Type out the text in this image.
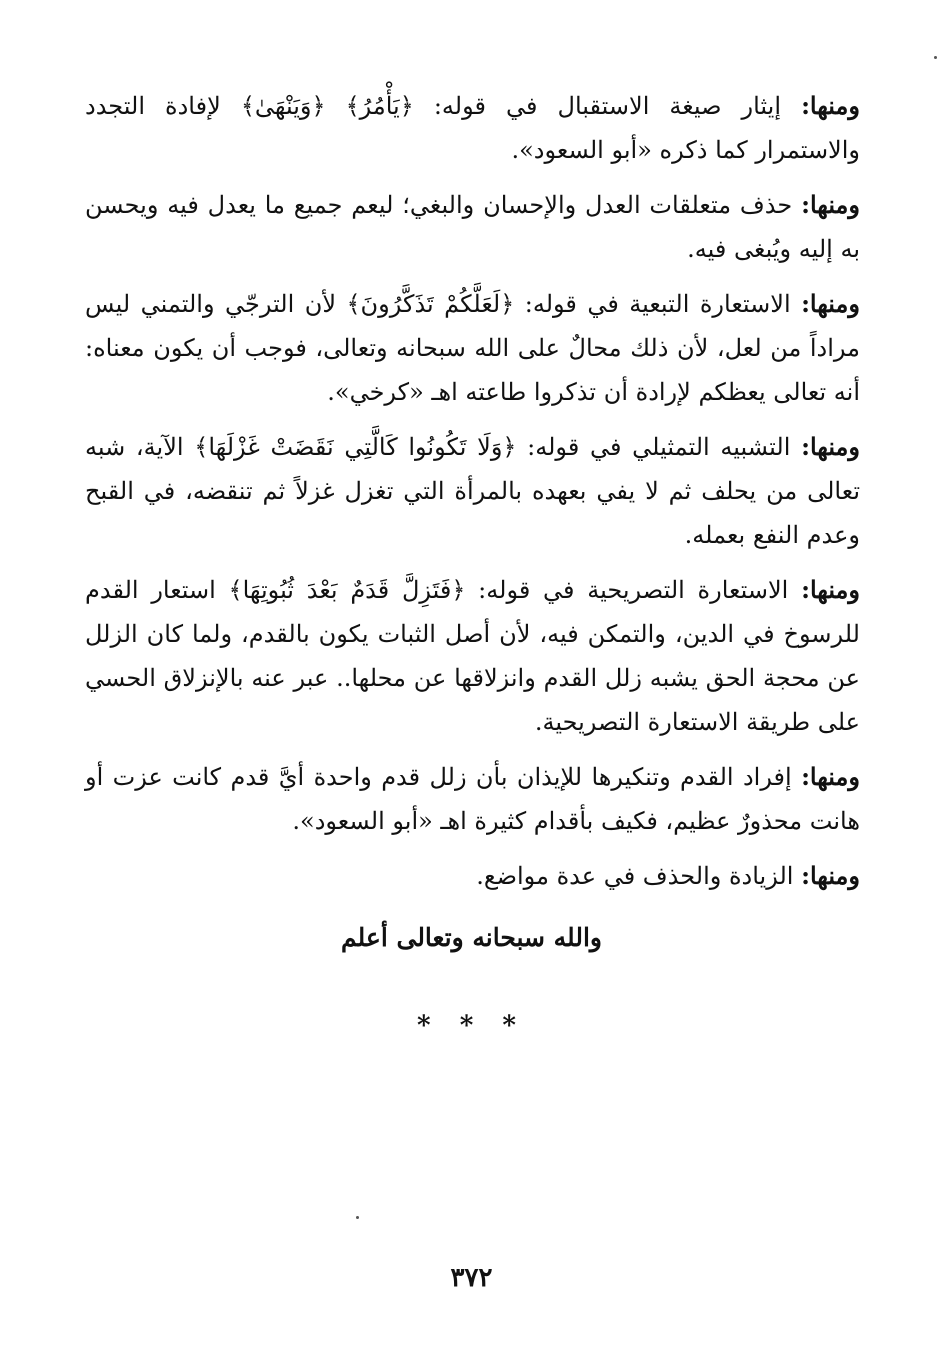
ومنها: إيثار صيغة الاستقبال في قوله: ﴿يَأْمُرُ﴾ ﴿وَيَنْهَىٰ﴾ لإفادة التجدد والاستمرار كما ذكره «أبو السعود».

ومنها: حذف متعلقات العدل والإحسان والبغي؛ ليعم جميع ما يعدل فيه ويحسن به إليه ويُبغى فيه.

ومنها: الاستعارة التبعية في قوله: ﴿لَعَلَّكُمْ تَذَكَّرُونَ﴾ لأن الترجّي والتمني ليس مراداً من لعل، لأن ذلك محالٌ على الله سبحانه وتعالى، فوجب أن يكون معناه: أنه تعالى يعظكم لإرادة أن تذكروا طاعته اهـ «كرخي».

ومنها: التشبيه التمثيلي في قوله: ﴿وَلَا تَكُونُوا كَالَّتِي نَقَضَتْ غَزْلَهَا﴾ الآية، شبه تعالى من يحلف ثم لا يفي بعهده بالمرأة التي تغزل غزلاً ثم تنقضه، في القبح وعدم النفع بعمله.

ومنها: الاستعارة التصريحية في قوله: ﴿فَتَزِلَّ قَدَمٌ بَعْدَ ثُبُوتِهَا﴾ استعار القدم للرسوخ في الدين، والتمكن فيه، لأن أصل الثبات يكون بالقدم، ولما كان الزلل عن محجة الحق يشبه زلل القدم وانزلاقها عن محلها.. عبر عنه بالإنزلاق الحسي على طريقة الاستعارة التصريحية.

ومنها: إفراد القدم وتنكيرها للإيذان بأن زلل قدم واحدة أيَّ قدم كانت عزت أو هانت محذورٌ عظيم، فكيف بأقدام كثيرة اهـ «أبو السعود».

ومنها: الزيادة والحذف في عدة مواضع.

والله سبحانه وتعالى أعلم
* * *
٣٧٢
